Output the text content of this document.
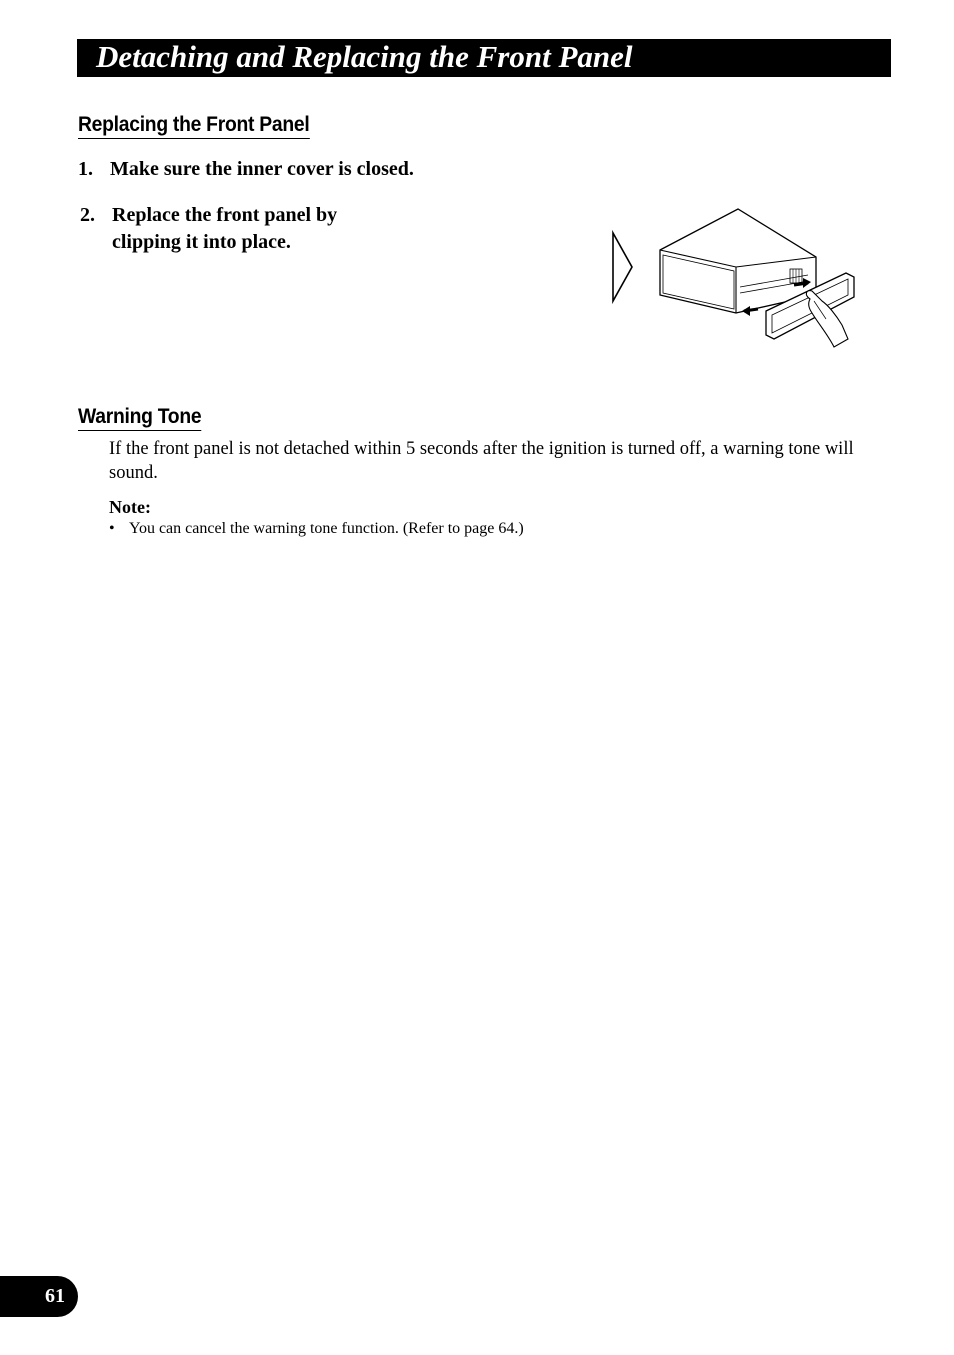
Detaching and Replacing the Front Panel
Replacing the Front Panel
1. Make sure the inner cover is closed.
2. Replace the front panel by clipping it into place.
Warning Tone
If the front panel is not detached within 5 seconds after the ignition is turned off, a warning tone will sound.
Note:
• You can cancel the warning tone function. (Refer to page 64.)
61
